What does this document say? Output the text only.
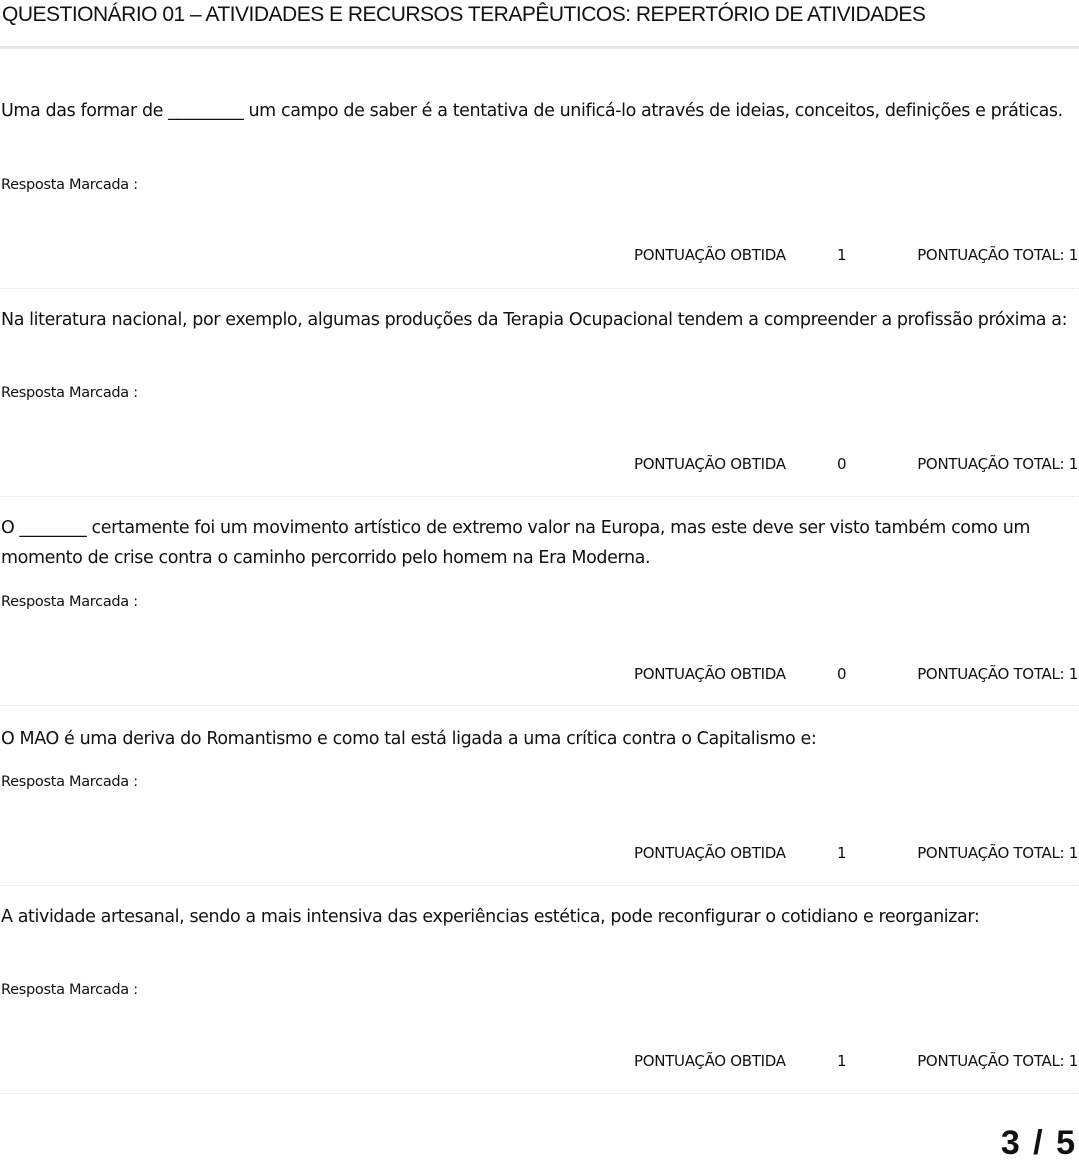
QUESTIONÁRIO 01 – ATIVIDADES E RECURSOS TERAPÊUTICOS: REPERTÓRIO DE ATIVIDADES
Uma das formar de _________ um campo de saber é a tentativa de unificá-lo através de ideias, conceitos, definições e práticas.
Resposta Marcada :
PONTUAÇÃO OBTIDA	1	PONTUAÇÃO TOTAL: 1
Na literatura nacional, por exemplo, algumas produções da Terapia Ocupacional tendem a compreender a profissão próxima a:
Resposta Marcada :
PONTUAÇÃO OBTIDA	0	PONTUAÇÃO TOTAL: 1
O ________ certamente foi um movimento artístico de extremo valor na Europa, mas este deve ser visto também como um momento de crise contra o caminho percorrido pelo homem na Era Moderna.
Resposta Marcada :
PONTUAÇÃO OBTIDA	0	PONTUAÇÃO TOTAL: 1
O MAO é uma deriva do Romantismo e como tal está ligada a uma crítica contra o Capitalismo e:
Resposta Marcada :
PONTUAÇÃO OBTIDA	1	PONTUAÇÃO TOTAL: 1
A atividade artesanal, sendo a mais intensiva das experiências estética, pode reconfigurar o cotidiano e reorganizar:
Resposta Marcada :
PONTUAÇÃO OBTIDA	1	PONTUAÇÃO TOTAL: 1
3 / 5
